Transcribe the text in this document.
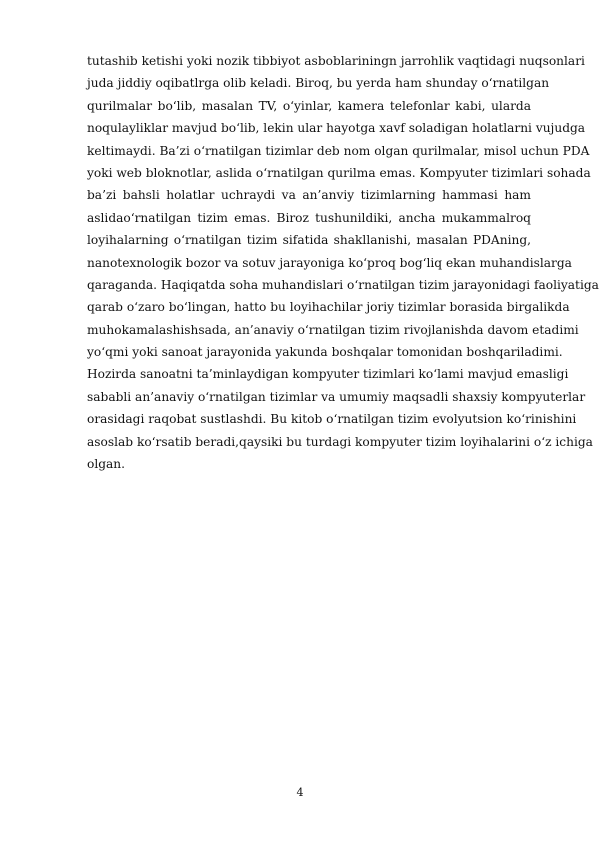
tutashib ketishi yoki nozik tibbiyot asboblariningn jarrohlik vaqtidagi nuqsonlari
juda jiddiy oqibatlrga olib keladi. Biroq, bu yerda ham shunday o‘rnatilgan
qurilmalar bo‘lib, masalan TV, o‘yinlar, kamera telefonlar kabi, ularda
noqulayliklar mavjud bo‘lib, lekin ular hayotga xavf soladigan holatlarni vujudga
keltimaydi. Ba’zi o‘rnatilgan tizimlar deb nom olgan qurilmalar, misol uchun PDA
yoki web bloknotlar, aslida o‘rnatilgan qurilma emas. Kompyuter tizimlari sohada
ba’zi bahsli holatlar uchraydi va an’anviy tizimlarning hammasi ham
aslidao‘rnatilgan tizim emas. Biroz tushunildiki, ancha mukammalroq
loyihalarning o‘rnatilgan tizim sifatida shakllanishi, masalan PDAning,
nanotexnologik bozor va sotuv jarayoniga ko‘proq bog‘liq ekan muhandislarga
qaraganda. Haqiqatda soha muhandislari o‘rnatilgan tizim jarayonidagi faoliyatiga
qarab o‘zaro bo‘lingan, hatto bu loyihachilar joriy tizimlar borasida birgalikda
muhokamalashishsada, an’anaviy o‘rnatilgan tizim rivojlanishda davom etadimi
yo‘qmi yoki sanoat jarayonida yakunda boshqalar tomonidan boshqariladimi.
Hozirda sanoatni ta’minlaydigan kompyuter tizimlari ko‘lami mavjud emasligi
sababli an’anaviy o‘rnatilgan tizimlar va umumiy maqsadli shaxsiy kompyuterlar
orasidagi raqobat sustlashdi. Bu kitob o‘rnatilgan tizim evolyutsion ko‘rinishini
asoslab ko‘rsatib beradi,qaysiki bu turdagi kompyuter tizim loyihalarini o‘z ichiga
olgan.
4
